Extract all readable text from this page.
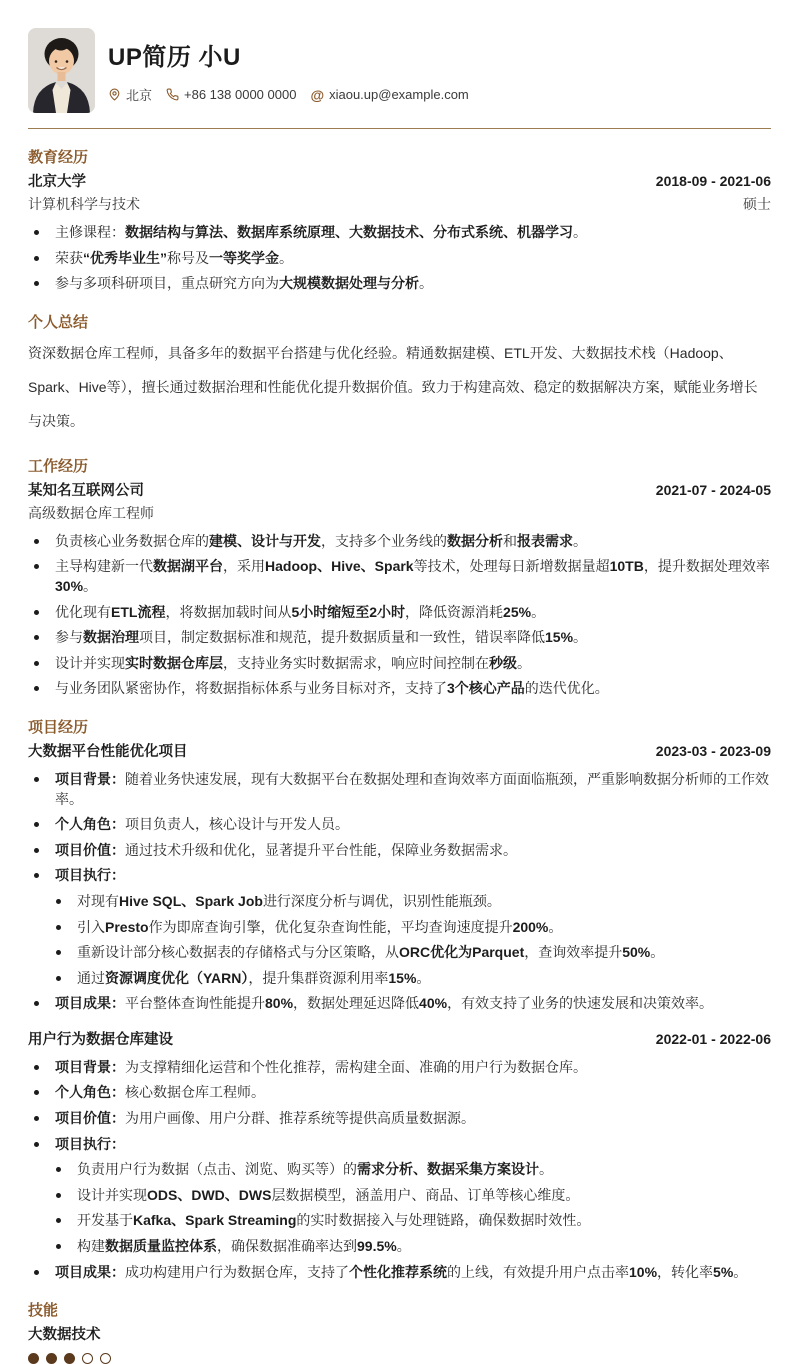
UP简历 小U
北京 +86 138 0000 0000 @ xiaou.up@example.com
教育经历
北京大学	2018-09 - 2021-06
计算机科学与技术	硕士
主修课程：数据结构与算法、数据库系统原理、大数据技术、分布式系统、机器学习。
荣获“优秀毕业生”称号及一等奖学金。
参与多项科研项目，重点研究方向为大规模数据处理与分析。
个人总结
资深数据仓库工程师，具备多年的数据平台搭建与优化经验。精通数据建模、ETL开发、大数据技术栈（Hadoop、Spark、Hive等），擅长通过数据治理和性能优化提升数据价值。致力于构建高效、稳定的数据解决方案，赋能业务增长与决策。
工作经历
某知名互联网公司	2021-07 - 2024-05
高级数据仓库工程师
负责核心业务数据仓库的建模、设计与开发，支持多个业务线的数据分析和报表需求。
主导构建新一代数据湖平台，采用Hadoop、Hive、Spark等技术，处理每日新增数据量超10TB，提升数据处理效率30%。
优化现有ETL流程，将数据加载时间从5小时缩短至2小时，降低资源消耗25%。
参与数据治理项目，制定数据标准和规范，提升数据质量和一致性，错误率降低15%。
设计并实现实时数据仓库层，支持业务实时数据需求，响应时间控制在秒级。
与业务团队紧密协作，将数据指标体系与业务目标对齐，支持了3个核心产品的迭代优化。
项目经历
大数据平台性能优化项目	2023-03 - 2023-09
项目背景：随着业务快速发展，现有大数据平台在数据处理和查询效率方面面临瓶颈，严重影响数据分析师的工作效率。
个人角色：项目负责人，核心设计与开发人员。
项目价值：通过技术升级和优化，显著提升平台性能，保障业务数据需求。
项目执行：
对现有Hive SQL、Spark Job进行深度分析与调优，识别性能瓶颈。
引入Presto作为即席查询引擎，优化复杂查询性能，平均查询速度提升200%。
重新设计部分核心数据表的存储格式与分区策略，从ORC优化为Parquet，查询效率提升50%。
通过资源调度优化（YARN），提升集群资源利用率15%。
项目成果：平台整体查询性能提升80%，数据处理延迟降低40%，有效支持了业务的快速发展和决策效率。
用户行为数据仓库建设	2022-01 - 2022-06
项目背景：为支撑精细化运营和个性化推荐，需构建全面、准确的用户行为数据仓库。
个人角色：核心数据仓库工程师。
项目价值：为用户画像、用户分群、推荐系统等提供高质量数据源。
项目执行：
负责用户行为数据（点击、浏览、购买等）的需求分析、数据采集方案设计。
设计并实现ODS、DWD、DWS层数据模型，涵盖用户、商品、订单等核心维度。
开发基于Kafka、Spark Streaming的实时数据接入与处理链路，确保数据时效性。
构建数据质量监控体系，确保数据准确率达到99.5%。
项目成果：成功构建用户行为数据仓库，支持了个性化推荐系统的上线，有效提升用户点击率10%，转化率5%。
技能
大数据技术
